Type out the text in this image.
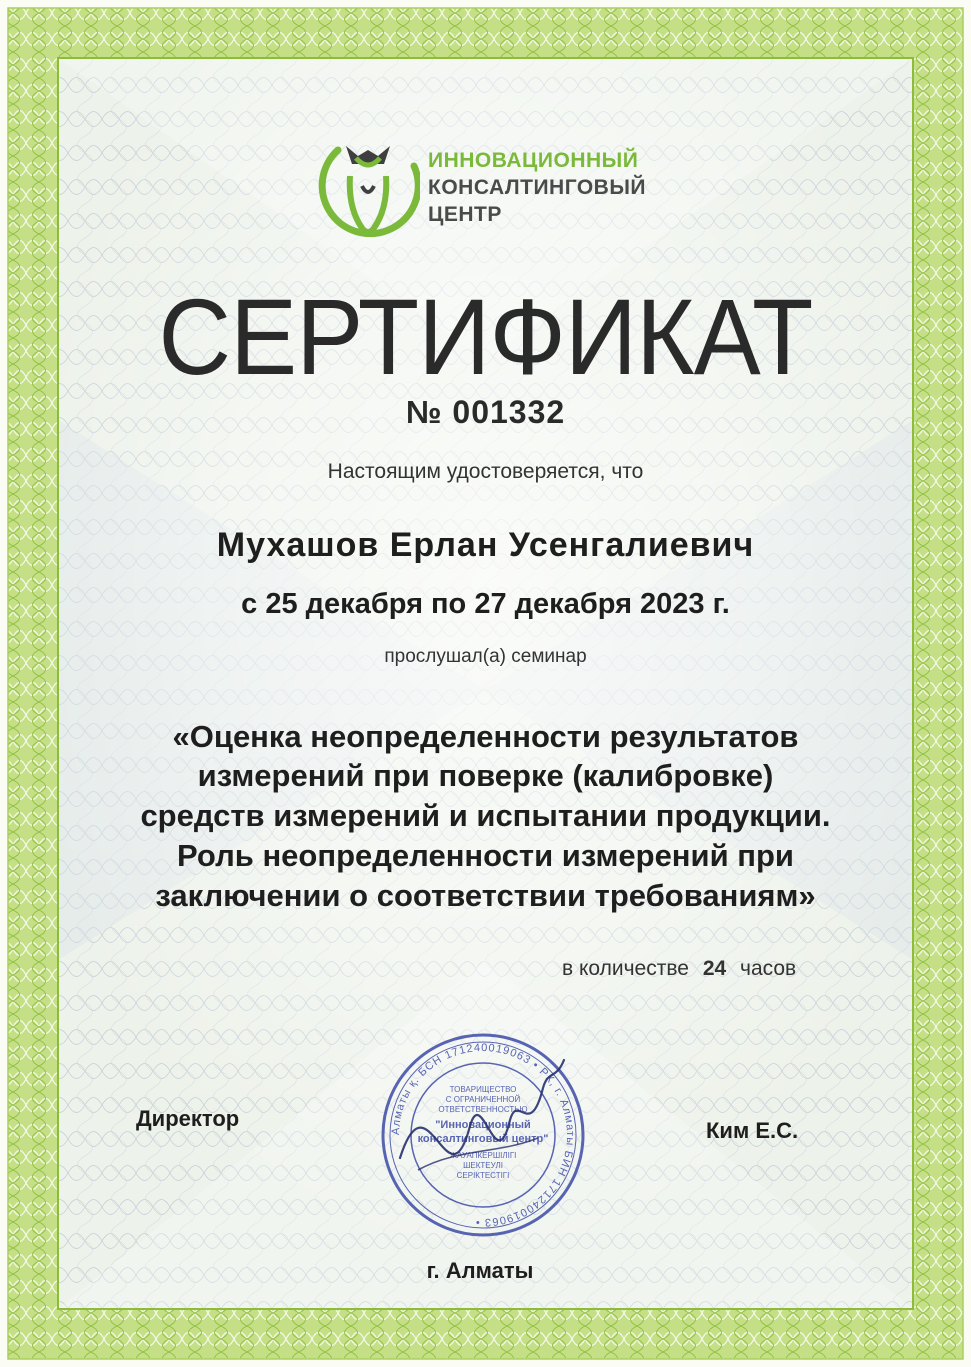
ИННОВАЦИОННЫЙ
КОНСАЛТИНГОВЫЙ
ЦЕНТР
СЕРТИФИКАТ
№ 001332
Настоящим удостоверяется, что
Мухашов Ерлан Усенгалиевич
с 25 декабря по 27 декабря 2023 г.
прослушал(а) семинар
«Оценка неопределенности результатов
измерений при поверке (калибровке)
средств измерений и испытании продукции.
Роль неопределенности измерений при
заключении о соответствии требованиям»
в количестве 24 часов
Директор	Ким Е.С.
г. Алматы
Алматы қ. БСН 171240019063 • РК, г. Алматы БИН 171240019063 •
ТОВАРИЩЕСТВО
С ОГРАНИЧЕННОЙ
ОТВЕТСТВЕННОСТЬЮ
"Инновационный
консалтинговый центр"
ЖАУАПКЕРШІЛІГІ
ШЕКТЕУЛІ
СЕРІКТЕСТІГІ
